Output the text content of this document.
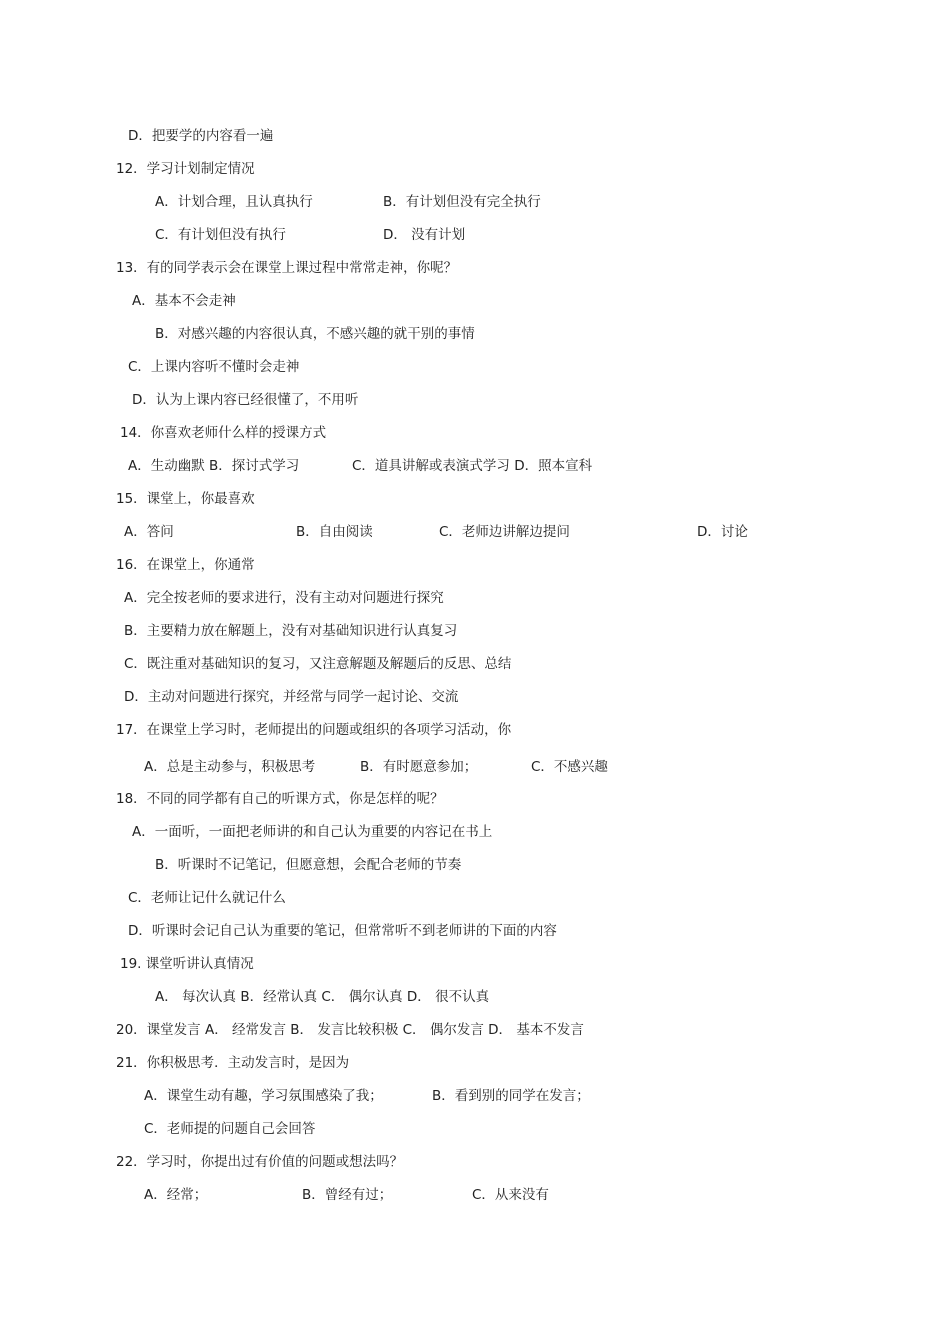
D．把要学的内容看一遍
12．学习计划制定情况
A．计划合理，且认真执行	B．有计划但没有完全执行
C．有计划但没有执行	D． 没有计划
13．有的同学表示会在课堂上课过程中常常走神，你呢？
A．基本不会走神
B．对感兴趣的内容很认真，不感兴趣的就干别的事情
C．上课内容听不懂时会走神
D．认为上课内容已经很懂了，不用听
14．你喜欢老师什么样的授课方式
A．生动幽默 B．探讨式学习	C．道具讲解或表演式学习 D．照本宣科
15．课堂上，你最喜欢
A．答问	B．自由阅读	C．老师边讲解边提问	D．讨论
16．在课堂上，你通常
A．完全按老师的要求进行，没有主动对问题进行探究
B．主要精力放在解题上，没有对基础知识进行认真复习
C．既注重对基础知识的复习，又注意解题及解题后的反思、总结
D．主动对问题进行探究，并经常与同学一起讨论、交流
17．在课堂上学习时，老师提出的问题或组织的各项学习活动，你
A．总是主动参与，积极思考	B．有时愿意参加；	C．不感兴趣
18．不同的同学都有自己的听课方式，你是怎样的呢？
A．一面听，一面把老师讲的和自己认为重要的内容记在书上
B．听课时不记笔记，但愿意想，会配合老师的节奏
C．老师让记什么就记什么
D．听课时会记自己认为重要的笔记，但常常听不到老师讲的下面的内容
19. 课堂听讲认真情况
A． 每次认真 B．经常认真 C． 偶尔认真 D． 很不认真
20．课堂发言 A． 经常发言 B． 发言比较积极 C． 偶尔发言 D． 基本不发言
21．你积极思考．主动发言时，是因为
A．课堂生动有趣，学习氛围感染了我；	B．看到别的同学在发言；
C．老师提的问题自己会回答
22．学习时，你提出过有价值的问题或想法吗？
A．经常；	B．曾经有过；	C．从来没有
